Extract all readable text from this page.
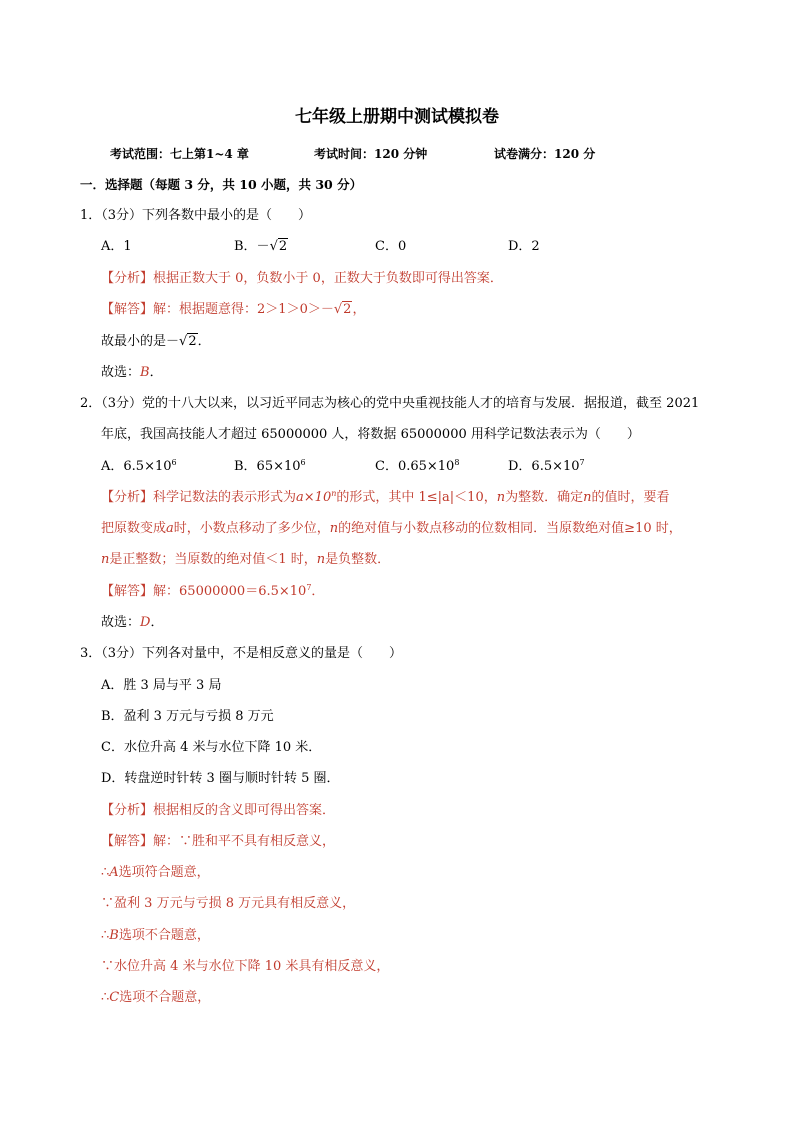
七年级上册期中测试模拟卷
考试范围：七上第1~4 章	考试时间：120 分钟	试卷满分：120 分
一．选择题（每题 3 分，共 10 小题，共 30 分）
1．（3分）下列各数中最小的是（　　）
A．1	B．－√2	C．0	D．2
【分析】根据正数大于 0，负数小于 0，正数大于负数即可得出答案．
【解答】解：根据题意得：2＞1＞0＞－√2，
故最小的是－√2．
故选：B．
2．（3分）党的十八大以来，以习近平同志为核心的党中央重视技能人才的培育与发展．据报道，截至 2021
年底，我国高技能人才超过 65000000 人，将数据 65000000 用科学记数法表示为（　　）
A．$6.5\times 10^6$	B．$65\times 10^6$	C．$0.65\times 10^8$	D．$6.5\times 10^7$
【分析】科学记数法的表示形式为$a\times 10^n$的形式，其中 1≤|a|＜10，n为整数．确定n的值时，要看
把原数变成a时，小数点移动了多少位，n的绝对值与小数点移动的位数相同．当原数绝对值≥10 时，
n是正整数；当原数的绝对值＜1 时，n是负整数．
【解答】解：$65000000=6.5\times 10^7$．
故选：D．
3．（3分）下列各对量中，不是相反意义的量是（　　）
A．胜 3 局与平 3 局
B．盈利 3 万元与亏损 8 万元
C．水位升高 4 米与水位下降 10 米．
D．转盘逆时针转 3 圈与顺时针转 5 圈．
【分析】根据相反的含义即可得出答案．
【解答】解：∵胜和平不具有相反意义，
∴A选项符合题意，
∵盈利 3 万元与亏损 8 万元具有相反意义，
∴B选项不合题意，
∵水位升高 4 米与水位下降 10 米具有相反意义，
∴C选项不合题意，
